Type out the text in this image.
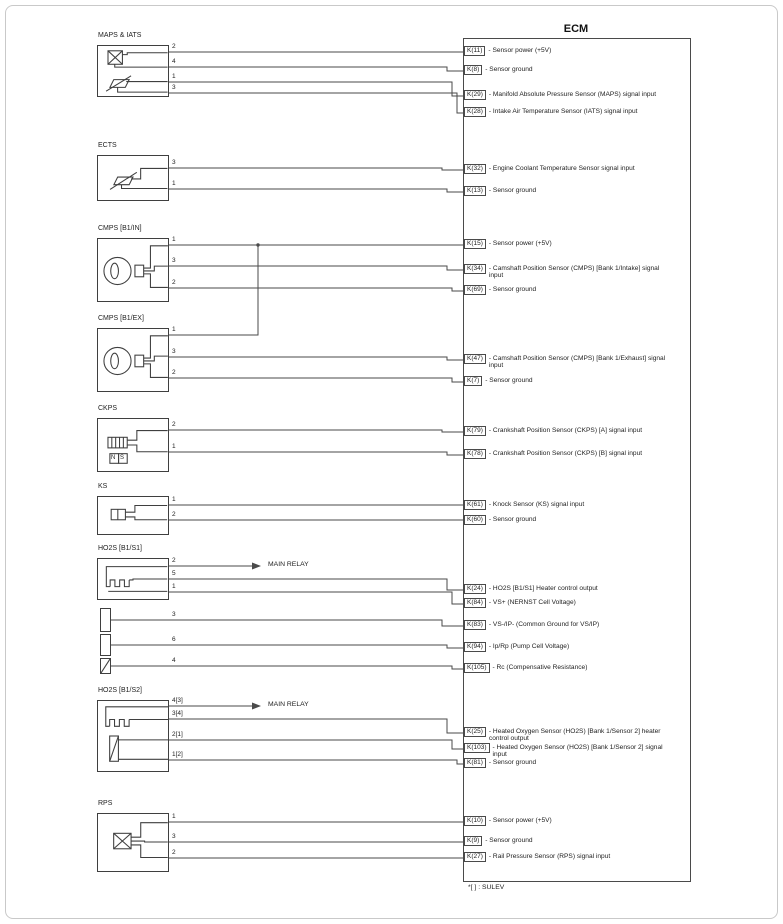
ECM
*[ ] : SULEV
K(11) - Sensor power (+5V)
K(8) - Sensor ground
K(29) - Manifold Absolute Pressure Sensor (MAPS) signal input
K(28) - Intake Air Temperature Sensor (IATS) signal input
K(32) - Engine Coolant Temperature Sensor signal input
K(13) - Sensor ground
K(15) - Sensor power (+5V)
K(34) - Camshaft Position Sensor (CMPS) [Bank 1/Intake] signal input
K(69) - Sensor ground
K(47) - Camshaft Position Sensor (CMPS) [Bank 1/Exhaust] signal input
K(7) - Sensor ground
K(79) - Crankshaft Position Sensor (CKPS) [A] signal input
K(78) - Crankshaft Position Sensor (CKPS) [B] signal input
K(61) - Knock Sensor (KS) signal input
K(60) - Sensor ground
K(24) - HO2S [B1/S1] Heater control output
K(84) - VS+ (NERNST Cell Voltage)
K(83) - VS-/IP- (Common Ground for VS/IP)
K(94) - Ip/Rp (Pump Cell Voltage)
K(105) - Rc (Compensative Resistance)
K(25) - Heated Oxygen Sensor (HO2S) [Bank 1/Sensor 2] heater control output
K(103) - Heated Oxygen Sensor (HO2S) [Bank 1/Sensor 2] signal input
K(81) - Sensor ground
K(10) - Sensor power (+5V)
K(9) - Sensor ground
K(27) - Rail Pressure Sensor (RPS) signal input
MAPS & IATS
2
4
1
3
ECTS
3
1
CMPS [B1/IN]
1
3
2
CMPS [B1/EX]
1
3
2
CKPS
N S
2
1
KS
1
2
HO2S [B1/S1]
2
MAIN RELAY
5
1
3
6
4
HO2S [B1/S2]
4[3]
MAIN RELAY
3[4]
2[1]
1[2]
RPS
1
3
2
